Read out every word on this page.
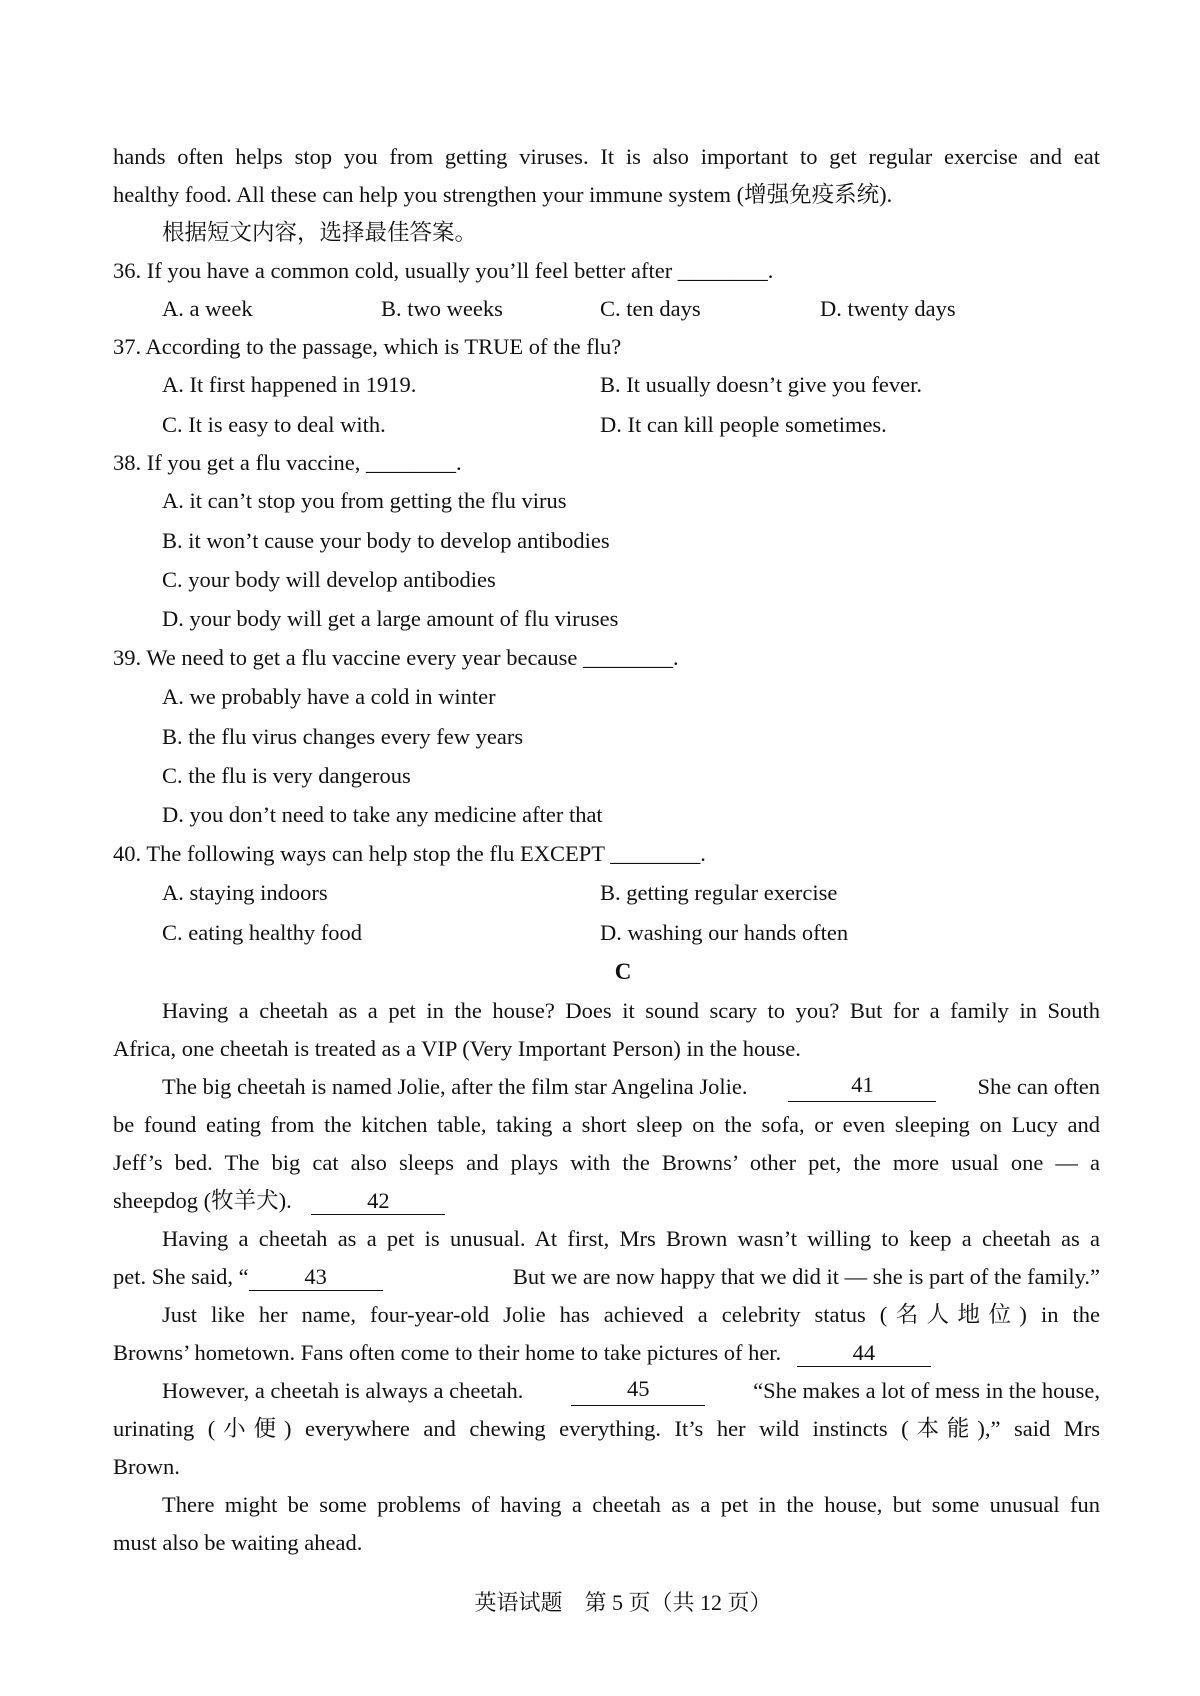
hands often helps stop you from getting viruses. It is also important to get regular exercise and eat
healthy food. All these can help you strengthen your immune system (增强免疫系统).
根据短文内容，选择最佳答案。
36. If you have a common cold, usually you’ll feel better after ________.
A. a week	B. two weeks	C. ten days	D. twenty days
37. According to the passage, which is TRUE of the flu?
A. It first happened in 1919.	B. It usually doesn’t give you fever.
C. It is easy to deal with.	D. It can kill people sometimes.
38. If you get a flu vaccine, ________.
A. it can’t stop you from getting the flu virus
B. it won’t cause your body to develop antibodies
C. your body will develop antibodies
D. your body will get a large amount of flu viruses
39. We need to get a flu vaccine every year because ________.
A. we probably have a cold in winter
B. the flu virus changes every few years
C. the flu is very dangerous
D. you don’t need to take any medicine after that
40. The following ways can help stop the flu EXCEPT ________.
A. staying indoors	B. getting regular exercise
C. eating healthy food	D. washing our hands often
C
Having a cheetah as a pet in the house? Does it sound scary to you? But for a family in South
Africa, one cheetah is treated as a VIP (Very Important Person) in the house.
The big cheetah is named Jolie, after the film star Angelina Jolie.	41	She can often
be found eating from the kitchen table, taking a short sleep on the sofa, or even sleeping on Lucy and
Jeff’s bed. The big cat also sleeps and plays with the Browns’ other pet, the more usual one — a
sheepdog (牧羊犬).	42
Having a cheetah as a pet is unusual. At first, Mrs Brown wasn’t willing to keep a cheetah as a
pet. She said, “ 43	But we are now happy that we did it — she is part of the family.”
Just like her name, four-year-old Jolie has achieved a celebrity status (名人地位) in the
Browns’ hometown. Fans often come to their home to take pictures of her.	44
However, a cheetah is always a cheetah.	45	“She makes a lot of mess in the house,
urinating (小便) everywhere and chewing everything. It’s her wild instincts (本能),” said Mrs
Brown.
There might be some problems of having a cheetah as a pet in the house, but some unusual fun
must also be waiting ahead.
英语试题　第 5 页（共 12 页）
